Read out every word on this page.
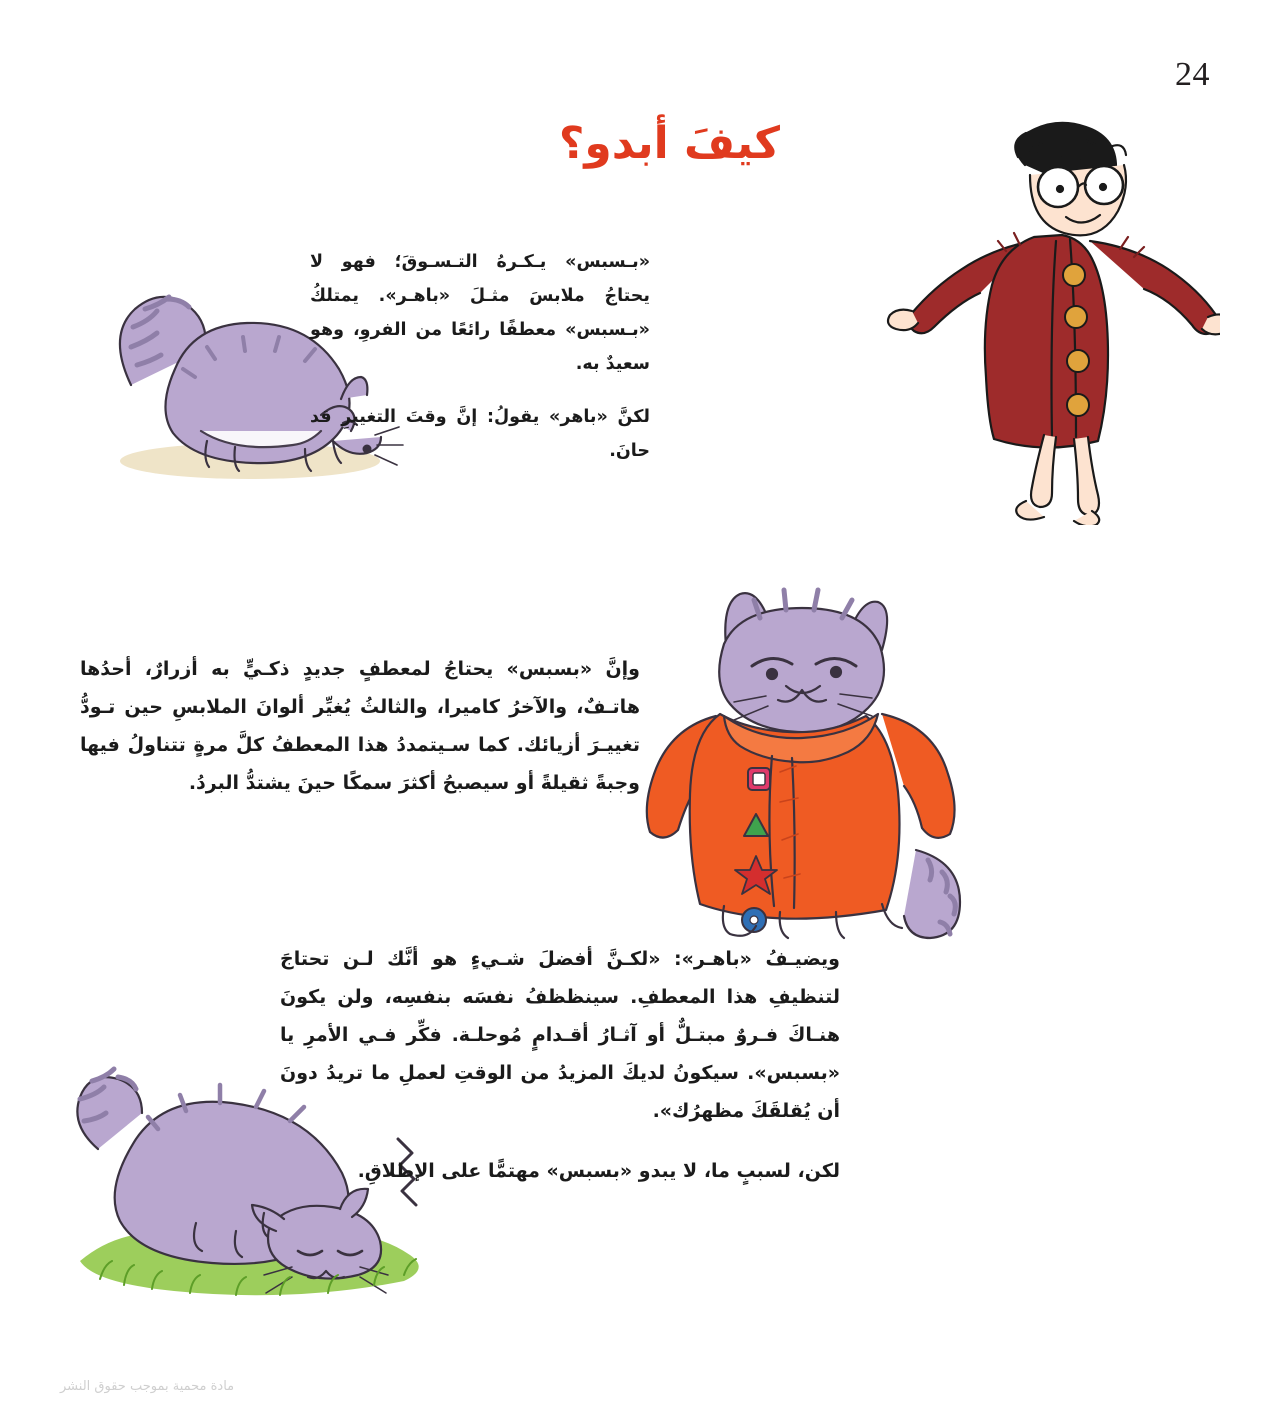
24
كيفَ أبدو؟

«بـسبس» يـكـرهُ التـسـوقَ؛ فهو لا يحتاجُ ملابسَ مثـلَ «باهـر». يمتلكُ «بـسبس» معطفًا رائعًا من الفروِ، وهو سعيدٌ به.

لكنَّ «باهر» يقولُ: إنَّ وقتَ التغييرِ قد حانَ.

وإنَّ «بسبس» يحتاجُ لمعطفٍ جديدٍ ذكـيٍّ به أزرارٌ، أحدُها هاتـفٌ، والآخرُ كاميرا، والثالثُ يُغيِّر ألوانَ الملابسِ حين تـودُّ تغييـرَ أزيائك. كما سـيتمددُ هذا المعطفُ كلَّ مرةٍ تتناولُ فيها وجبةً ثقيلةً أو سيصبحُ أكثرَ سمكًا حينَ يشتدُّ البردُ.

ويضيـفُ «باهـر»: «لكـنَّ أفضلَ شـيءٍ هو أنَّك لـن تحتاجَ لتنظيفِ هذا المعطفِ. سينظظفُ نفسَه بنفسِه، ولن يكونَ هنـاكَ فـروٌ مبتـلٌّ أو آثـارُ أقـدامٍ مُوحلـة. فكِّر فـي الأمرِ يا «بسبس». سيكونُ لديكَ المزيدُ من الوقتِ لعملِ ما تريدُ دونَ أن يُقلقَكَ مظهرُك».

لكن، لسببٍ ما، لا يبدو «بسبس» مهتمًّا على الإطلاقِ.

مادة محمية بموجب حقوق النشر
